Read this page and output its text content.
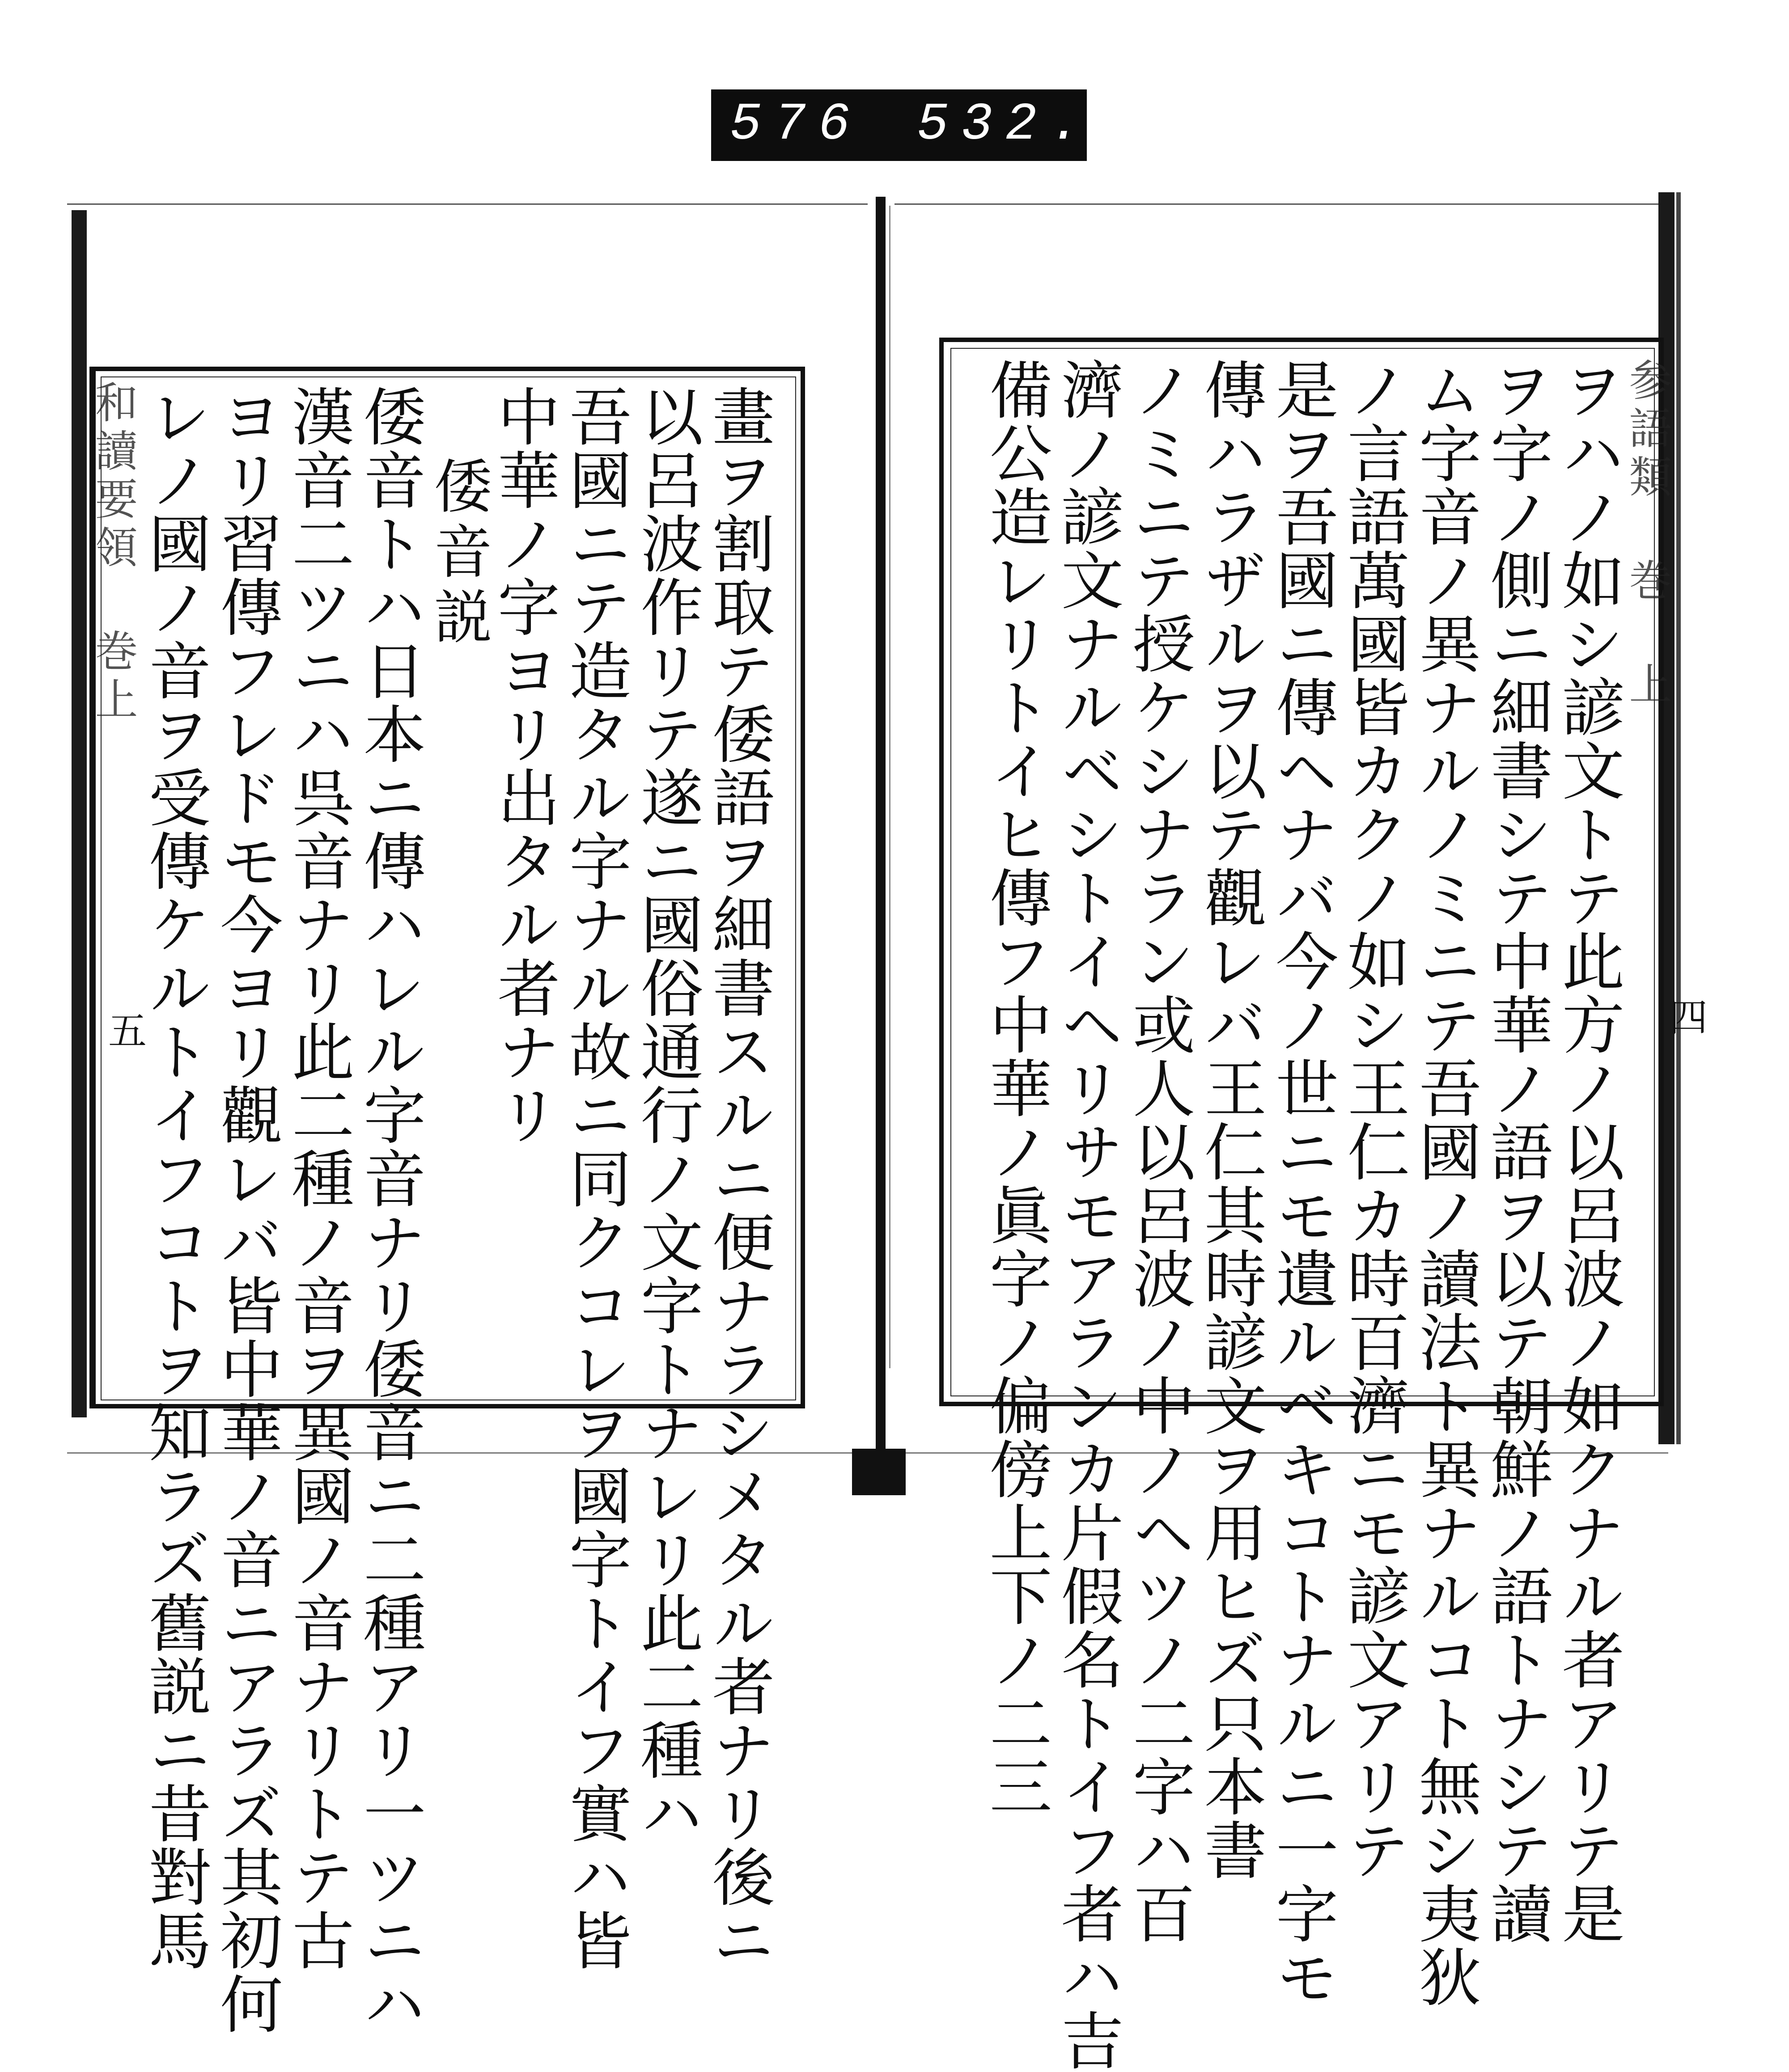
576 532.
和讀要領 巻上
五
参語類 巻 上
四
ヲハノ如シ諺文トテ此方ノ以呂波ノ如クナル者アリテ是
ヲ字ノ側ニ細書シテ中華ノ語ヲ以テ朝鮮ノ語トナシテ讀
ム字音ノ異ナルノミニテ吾國ノ讀法ト異ナルコト無シ夷狄
ノ言語萬國皆カクノ如シ王仁カ時百濟ニモ諺文アリテ
是ヲ吾國ニ傳ヘナバ今ノ世ニモ遺ルベキコトナルニ一字モ
傳ハラザルヲ以テ觀レバ王仁其時諺文ヲ用ヒズ只本書
ノミニテ授ケシナラン或人以呂波ノ中ノヘツノ二字ハ百
濟ノ諺文ナルベシトイヘリサモアランカ片假名トイフ者ハ吉
備公造レリトイヒ傳フ中華ノ眞字ノ偏傍上下ノ二三
畫ヲ割取テ倭語ヲ細書スルニ便ナラシメタル者ナリ後ニ
以呂波作リテ遂ニ國俗通行ノ文字トナレリ此二種ハ
吾國ニテ造タル字ナル故ニ同クコレヲ國字トイフ實ハ皆
中華ノ字ヨリ出タル者ナリ
倭音説
倭音トハ日本ニ傳ハレル字音ナリ倭音ニ二種アリ一ツニハ
漢音二ツニハ呉音ナリ此二種ノ音ヲ異國ノ音ナリトテ古
ヨリ習傳フレドモ今ヨリ觀レバ皆中華ノ音ニアラズ其初何
レノ國ノ音ヲ受傳ケルトイフコトヲ知ラズ舊説ニ昔對馬
